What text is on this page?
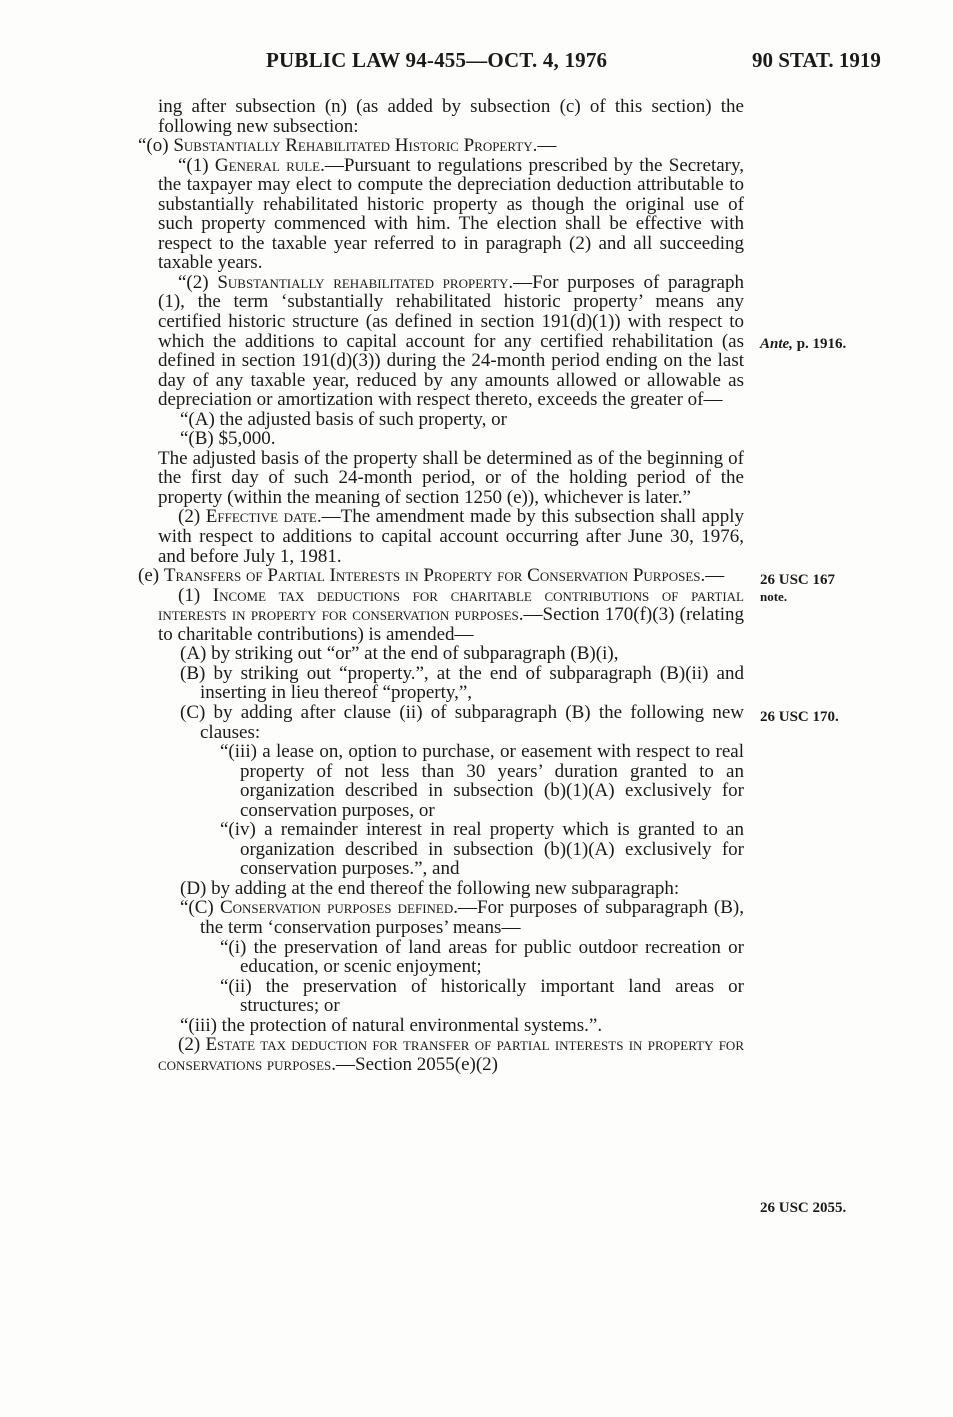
PUBLIC LAW 94-455—OCT. 4, 1976	90 STAT. 1919

ing after subsection (n) (as added by subsection (c) of this section) the following new subsection:

“(o) Substantially Rehabilitated Historic Property.—

“(1) General rule.—Pursuant to regulations prescribed by the Secretary, the taxpayer may elect to compute the depreciation deduction attributable to substantially rehabilitated historic property as though the original use of such property commenced with him. The election shall be effective with respect to the taxable year referred to in paragraph (2) and all succeeding taxable years.

“(2) Substantially rehabilitated property.—For purposes of paragraph (1), the term ‘substantially rehabilitated historic property’ means any certified historic structure (as defined in section 191(d)(1)) with respect to which the additions to capital account for any certified rehabilitation (as defined in section 191(d)(3)) during the 24-month period ending on the last day of any taxable year, reduced by any amounts allowed or allowable as depreciation or amortization with respect thereto, exceeds the greater of—

“(A) the adjusted basis of such property, or

“(B) $5,000.

The adjusted basis of the property shall be determined as of the beginning of the first day of such 24-month period, or of the holding period of the property (within the meaning of section 1250 (e)), whichever is later.”

(2) Effective date.—The amendment made by this subsection shall apply with respect to additions to capital account occurring after June 30, 1976, and before July 1, 1981.

(e) Transfers of Partial Interests in Property for Conservation Purposes.—

(1) Income tax deductions for charitable contributions of partial interests in property for conservation purposes.—Section 170(f)(3) (relating to charitable contributions) is amended—

(A) by striking out “or” at the end of subparagraph (B)(i),

(B) by striking out “property.”, at the end of subparagraph (B)(ii) and inserting in lieu thereof “property,”,

(C) by adding after clause (ii) of subparagraph (B) the following new clauses:

“(iii) a lease on, option to purchase, or easement with respect to real property of not less than 30 years’ duration granted to an organization described in subsection (b)(1)(A) exclusively for conservation purposes, or

“(iv) a remainder interest in real property which is granted to an organization described in subsection (b)(1)(A) exclusively for conservation purposes.”, and

(D) by adding at the end thereof the following new subparagraph:

“(C) Conservation purposes defined.—For purposes of subparagraph (B), the term ‘conservation purposes’ means—

“(i) the preservation of land areas for public outdoor recreation or education, or scenic enjoyment;

“(ii) the preservation of historically important land areas or structures; or

“(iii) the protection of natural environmental systems.”.

(2) Estate tax deduction for transfer of partial interests in property for conservations purposes.—Section 2055(e)(2)

Ante, p. 1916.
26 USC 167
note.
26 USC 170.
26 USC 2055.
